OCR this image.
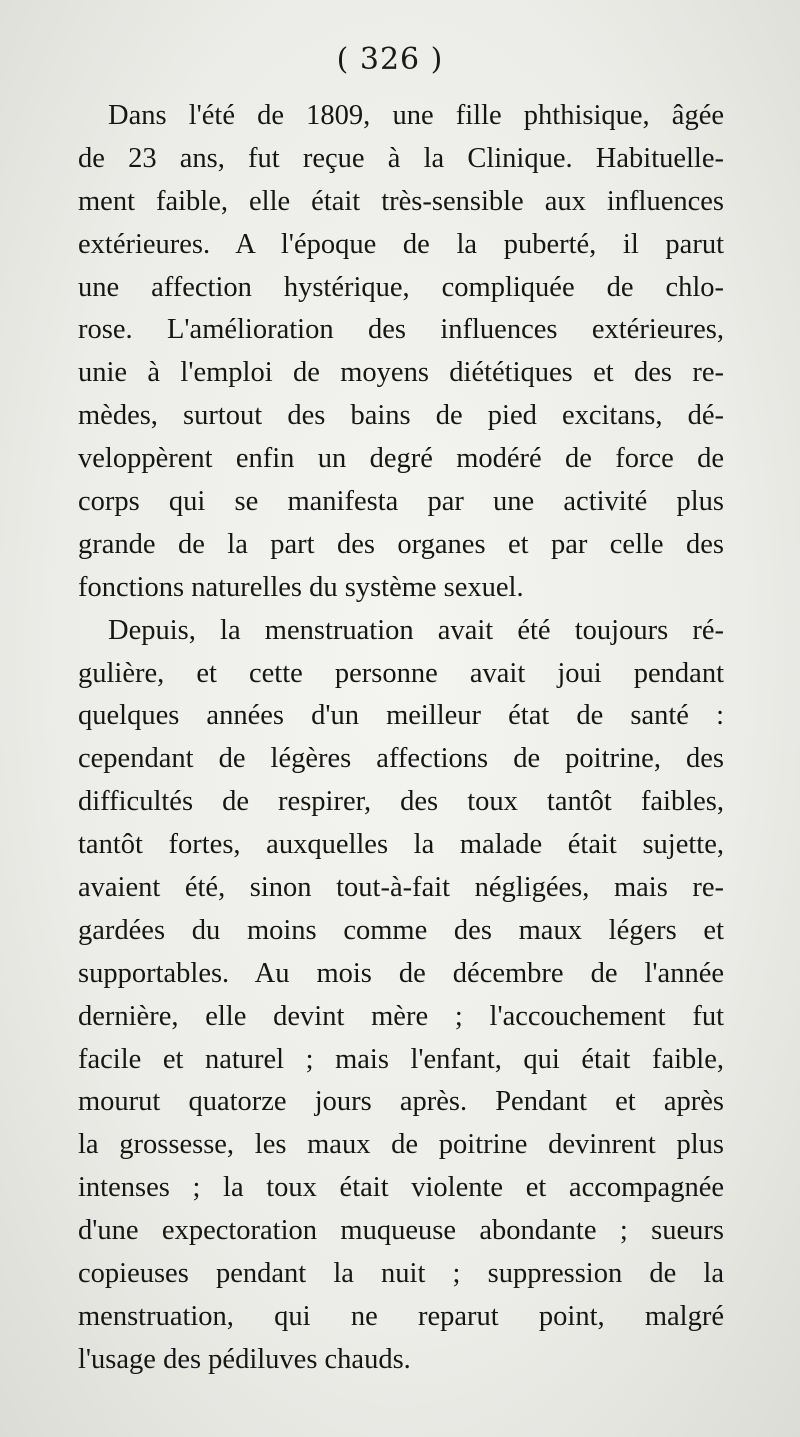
( 326 )
Dans l'été de 1809, une fille phthisique, âgée
de 23 ans, fut reçue à la Clinique. Habituelle-
ment faible, elle était très-sensible aux influences
extérieures. A l'époque de la puberté, il parut
une affection hystérique, compliquée de chlo-
rose. L'amélioration des influences extérieures,
unie à l'emploi de moyens diététiques et des re-
mèdes, surtout des bains de pied excitans, dé-
veloppèrent enfin un degré modéré de force de
corps qui se manifesta par une activité plus
grande de la part des organes et par celle des
fonctions naturelles du système sexuel.
Depuis, la menstruation avait été toujours ré-
gulière, et cette personne avait joui pendant
quelques années d'un meilleur état de santé :
cependant de légères affections de poitrine, des
difficultés de respirer, des toux tantôt faibles,
tantôt fortes, auxquelles la malade était sujette,
avaient été, sinon tout-à-fait négligées, mais re-
gardées du moins comme des maux légers et
supportables. Au mois de décembre de l'année
dernière, elle devint mère ; l'accouchement fut
facile et naturel ; mais l'enfant, qui était faible,
mourut quatorze jours après. Pendant et après
la grossesse, les maux de poitrine devinrent plus
intenses ; la toux était violente et accompagnée
d'une expectoration muqueuse abondante ; sueurs
copieuses pendant la nuit ; suppression de la
menstruation, qui ne reparut point, malgré
l'usage des pédiluves chauds.
